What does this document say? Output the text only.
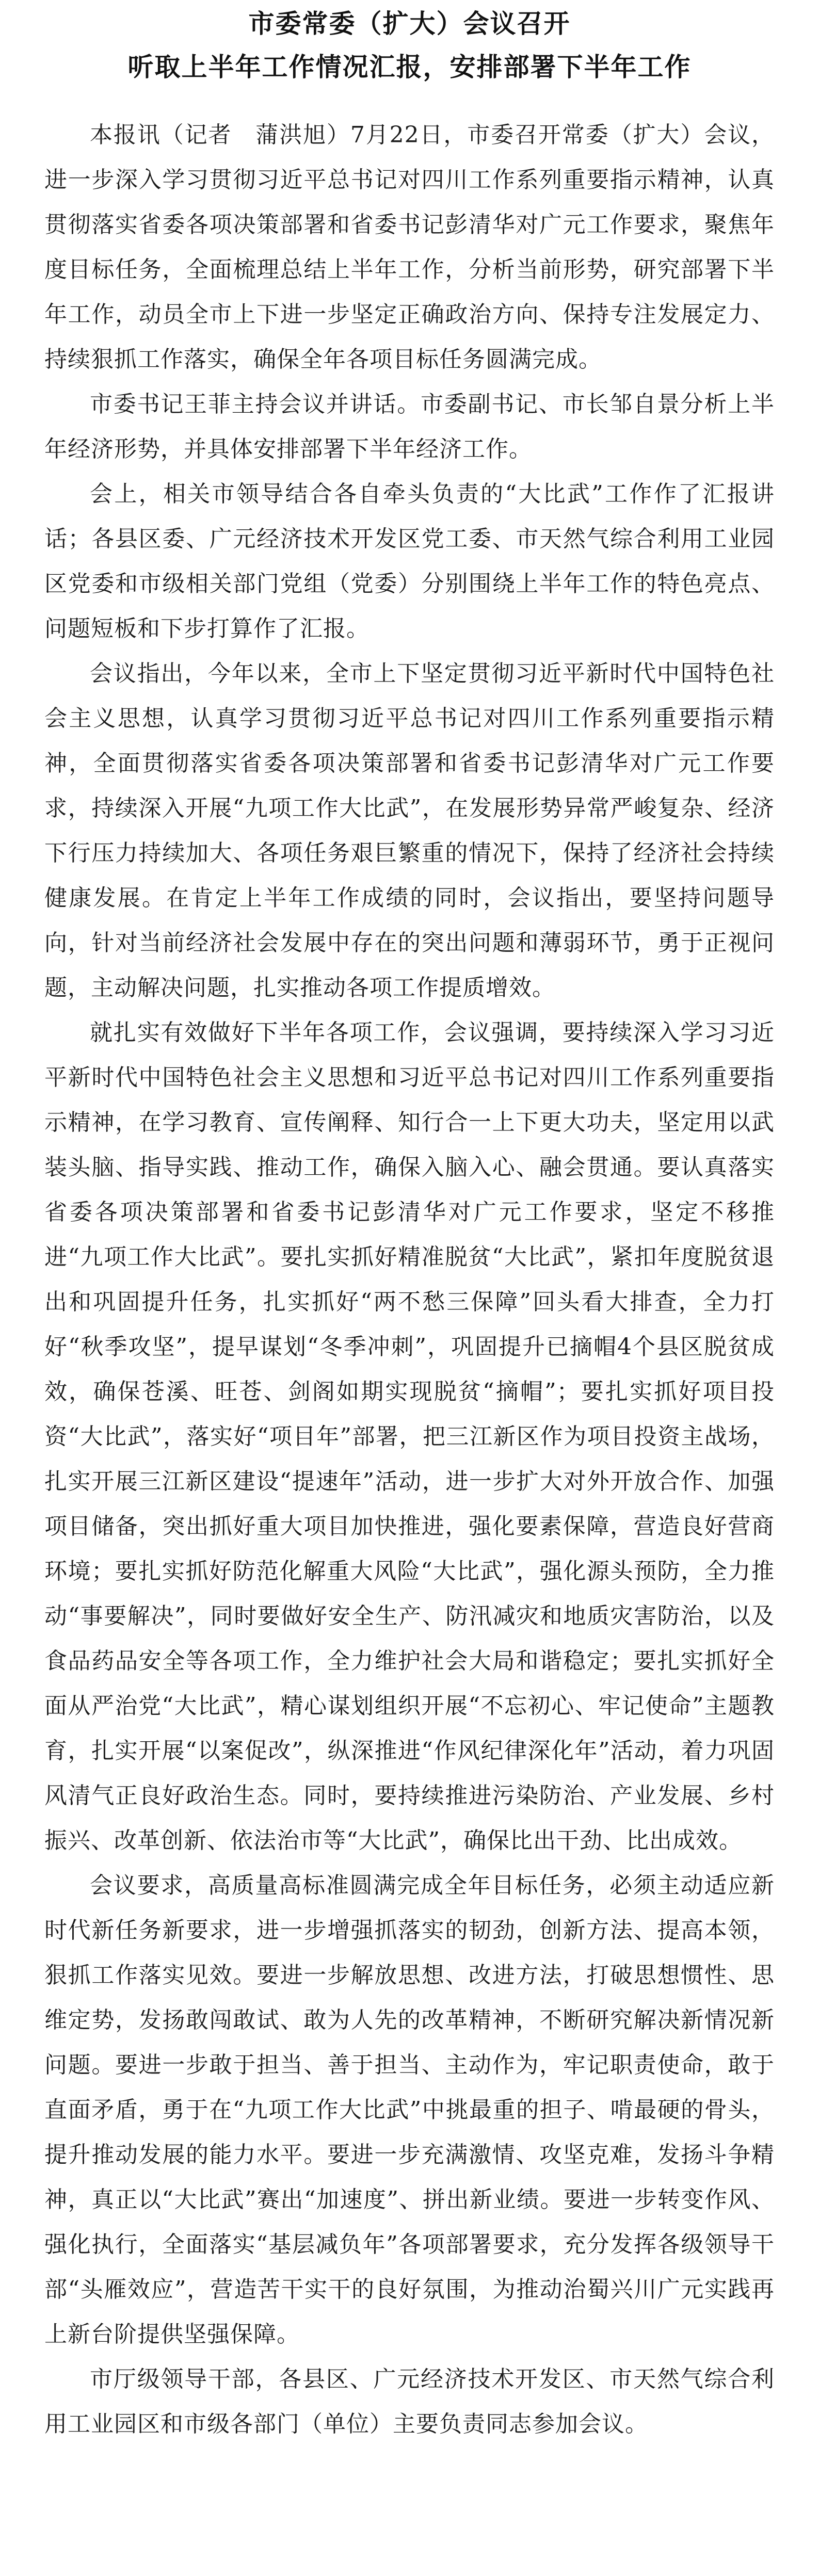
市委常委（扩大）会议召开
听取上半年工作情况汇报，安排部署下半年工作

本报讯（记者　蒲洪旭）7月22日，市委召开常委（扩大）会议，进一步深入学习贯彻习近平总书记对四川工作系列重要指示精神，认真贯彻落实省委各项决策部署和省委书记彭清华对广元工作要求，聚焦年度目标任务，全面梳理总结上半年工作，分析当前形势，研究部署下半年工作，动员全市上下进一步坚定正确政治方向、保持专注发展定力、持续狠抓工作落实，确保全年各项目标任务圆满完成。

市委书记王菲主持会议并讲话。市委副书记、市长邹自景分析上半年经济形势，并具体安排部署下半年经济工作。

会上，相关市领导结合各自牵头负责的“大比武”工作作了汇报讲话；各县区委、广元经济技术开发区党工委、市天然气综合利用工业园区党委和市级相关部门党组（党委）分别围绕上半年工作的特色亮点、问题短板和下步打算作了汇报。

会议指出，今年以来，全市上下坚定贯彻习近平新时代中国特色社会主义思想，认真学习贯彻习近平总书记对四川工作系列重要指示精神，全面贯彻落实省委各项决策部署和省委书记彭清华对广元工作要求，持续深入开展“九项工作大比武”，在发展形势异常严峻复杂、经济下行压力持续加大、各项任务艰巨繁重的情况下，保持了经济社会持续健康发展。在肯定上半年工作成绩的同时，会议指出，要坚持问题导向，针对当前经济社会发展中存在的突出问题和薄弱环节，勇于正视问题，主动解决问题，扎实推动各项工作提质增效。

就扎实有效做好下半年各项工作，会议强调，要持续深入学习习近平新时代中国特色社会主义思想和习近平总书记对四川工作系列重要指示精神，在学习教育、宣传阐释、知行合一上下更大功夫，坚定用以武装头脑、指导实践、推动工作，确保入脑入心、融会贯通。要认真落实省委各项决策部署和省委书记彭清华对广元工作要求，坚定不移推进“九项工作大比武”。要扎实抓好精准脱贫“大比武”，紧扣年度脱贫退出和巩固提升任务，扎实抓好“两不愁三保障”回头看大排查，全力打好“秋季攻坚”，提早谋划“冬季冲刺”，巩固提升已摘帽4个县区脱贫成效，确保苍溪、旺苍、剑阁如期实现脱贫“摘帽”；要扎实抓好项目投资“大比武”，落实好“项目年”部署，把三江新区作为项目投资主战场，扎实开展三江新区建设“提速年”活动，进一步扩大对外开放合作、加强项目储备，突出抓好重大项目加快推进，强化要素保障，营造良好营商环境；要扎实抓好防范化解重大风险“大比武”，强化源头预防，全力推动“事要解决”，同时要做好安全生产、防汛减灾和地质灾害防治，以及食品药品安全等各项工作，全力维护社会大局和谐稳定；要扎实抓好全面从严治党“大比武”，精心谋划组织开展“不忘初心、牢记使命”主题教育，扎实开展“以案促改”，纵深推进“作风纪律深化年”活动，着力巩固风清气正良好政治生态。同时，要持续推进污染防治、产业发展、乡村振兴、改革创新、依法治市等“大比武”，确保比出干劲、比出成效。

会议要求，高质量高标准圆满完成全年目标任务，必须主动适应新时代新任务新要求，进一步增强抓落实的韧劲，创新方法、提高本领，狠抓工作落实见效。要进一步解放思想、改进方法，打破思想惯性、思维定势，发扬敢闯敢试、敢为人先的改革精神，不断研究解决新情况新问题。要进一步敢于担当、善于担当、主动作为，牢记职责使命，敢于直面矛盾，勇于在“九项工作大比武”中挑最重的担子、啃最硬的骨头，提升推动发展的能力水平。要进一步充满激情、攻坚克难，发扬斗争精神，真正以“大比武”赛出“加速度”、拼出新业绩。要进一步转变作风、强化执行，全面落实“基层减负年”各项部署要求，充分发挥各级领导干部“头雁效应”，营造苦干实干的良好氛围，为推动治蜀兴川广元实践再上新台阶提供坚强保障。

市厅级领导干部，各县区、广元经济技术开发区、市天然气综合利用工业园区和市级各部门（单位）主要负责同志参加会议。
